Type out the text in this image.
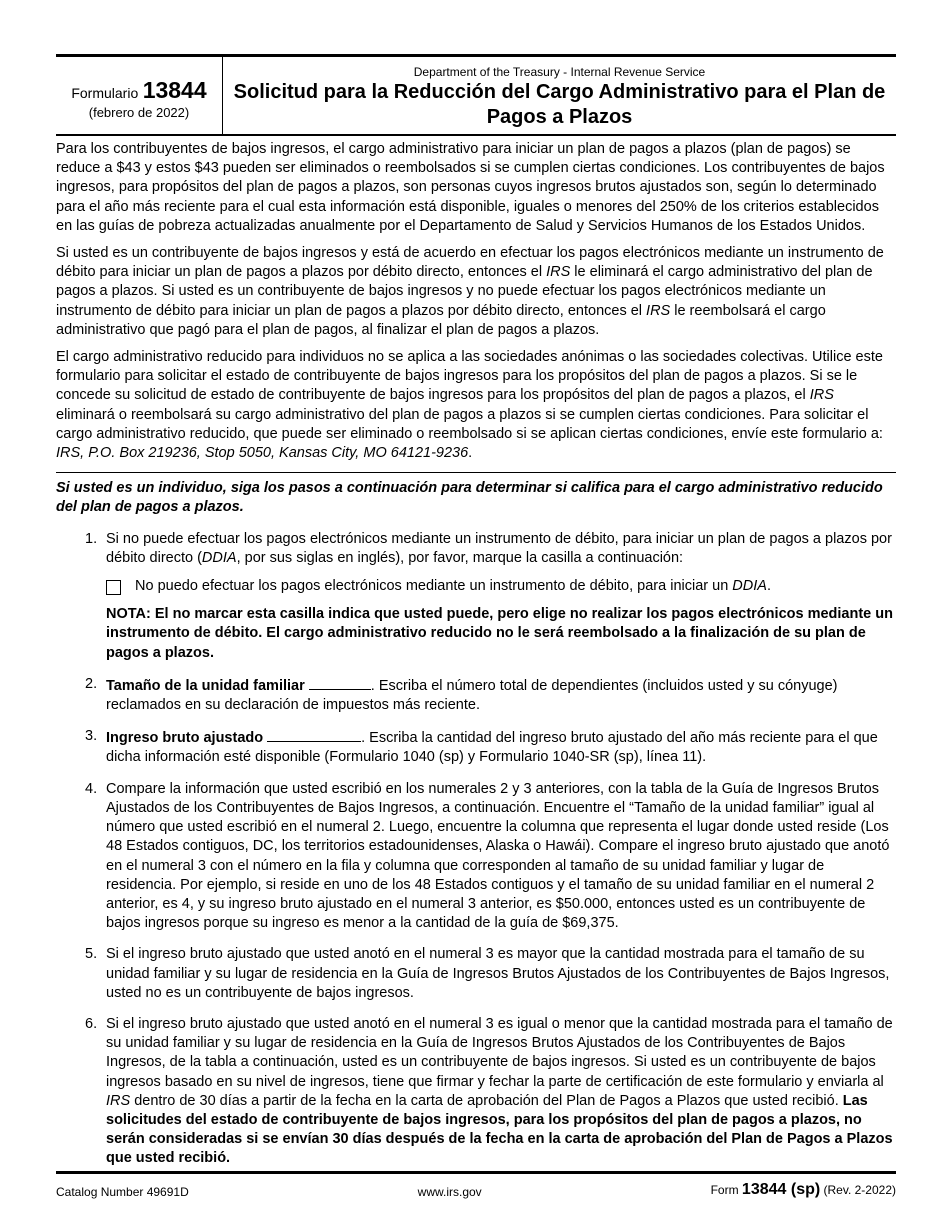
Formulario 13844
(febrero de 2022)
Department of the Treasury - Internal Revenue Service
Solicitud para la Reducción del Cargo Administrativo para el Plan de Pagos a Plazos

Para los contribuyentes de bajos ingresos, el cargo administrativo para iniciar un plan de pagos a plazos (plan de pagos) se reduce a $43 y estos $43 pueden ser eliminados o reembolsados si se cumplen ciertas condiciones. Los contribuyentes de bajos ingresos, para propósitos del plan de pagos a plazos, son personas cuyos ingresos brutos ajustados son, según lo determinado para el año más reciente para el cual esta información está disponible, iguales o menores del 250% de los criterios establecidos en las guías de pobreza actualizadas anualmente por el Departamento de Salud y Servicios Humanos de los Estados Unidos.

Si usted es un contribuyente de bajos ingresos y está de acuerdo en efectuar los pagos electrónicos mediante un instrumento de débito para iniciar un plan de pagos a plazos por débito directo, entonces el IRS le eliminará el cargo administrativo del plan de pagos a plazos. Si usted es un contribuyente de bajos ingresos y no puede efectuar los pagos electrónicos mediante un instrumento de débito para iniciar un plan de pagos a plazos por débito directo, entonces el IRS le reembolsará el cargo administrativo que pagó para el plan de pagos, al finalizar el plan de pagos a plazos.

El cargo administrativo reducido para individuos no se aplica a las sociedades anónimas o las sociedades colectivas. Utilice este formulario para solicitar el estado de contribuyente de bajos ingresos para los propósitos del plan de pagos a plazos. Si se le concede su solicitud de estado de contribuyente de bajos ingresos para los propósitos del plan de pagos a plazos, el IRS eliminará o reembolsará su cargo administrativo del plan de pagos a plazos si se cumplen ciertas condiciones. Para solicitar el cargo administrativo reducido, que puede ser eliminado o reembolsado si se aplican ciertas condiciones, envíe este formulario a: IRS, P.O. Box 219236, Stop 5050, Kansas City, MO 64121-9236.

Si usted es un individuo, siga los pasos a continuación para determinar si califica para el cargo administrativo reducido del plan de pagos a plazos.

1. Si no puede efectuar los pagos electrónicos mediante un instrumento de débito, para iniciar un plan de pagos a plazos por débito directo (DDIA, por sus siglas en inglés), por favor, marque la casilla a continuación:

No puedo efectuar los pagos electrónicos mediante un instrumento de débito, para iniciar un DDIA.

NOTA: El no marcar esta casilla indica que usted puede, pero elige no realizar los pagos electrónicos mediante un instrumento de débito. El cargo administrativo reducido no le será reembolsado a la finalización de su plan de pagos a plazos.

2. Tamaño de la unidad familiar	. Escriba el número total de dependientes (incluidos usted y su cónyuge) reclamados en su declaración de impuestos más reciente.

3. Ingreso bruto ajustado	. Escriba la cantidad del ingreso bruto ajustado del año más reciente para el que dicha información esté disponible (Formulario 1040 (sp) y Formulario 1040-SR (sp), línea 11).

4. Compare la información que usted escribió en los numerales 2 y 3 anteriores, con la tabla de la Guía de Ingresos Brutos Ajustados de los Contribuyentes de Bajos Ingresos, a continuación. Encuentre el “Tamaño de la unidad familiar” igual al número que usted escribió en el numeral 2. Luego, encuentre la columna que representa el lugar donde usted reside (Los 48 Estados contiguos, DC, los territorios estadounidenses, Alaska o Hawái). Compare el ingreso bruto ajustado que anotó en el numeral 3 con el número en la fila y columna que corresponden al tamaño de su unidad familiar y lugar de residencia. Por ejemplo, si reside en uno de los 48 Estados contiguos y el tamaño de su unidad familiar en el numeral 2 anterior, es 4, y su ingreso bruto ajustado en el numeral 3 anterior, es $50.000, entonces usted es un contribuyente de bajos ingresos porque su ingreso es menor a la cantidad de la guía de $69,375.

5. Si el ingreso bruto ajustado que usted anotó en el numeral 3 es mayor que la cantidad mostrada para el tamaño de su unidad familiar y su lugar de residencia en la Guía de Ingresos Brutos Ajustados de los Contribuyentes de Bajos Ingresos, usted no es un contribuyente de bajos ingresos.

6. Si el ingreso bruto ajustado que usted anotó en el numeral 3 es igual o menor que la cantidad mostrada para el tamaño de su unidad familiar y su lugar de residencia en la Guía de Ingresos Brutos Ajustados de los Contribuyentes de Bajos Ingresos, de la tabla a continuación, usted es un contribuyente de bajos ingresos. Si usted es un contribuyente de bajos ingresos basado en su nivel de ingresos, tiene que firmar y fechar la parte de certificación de este formulario y enviarla al IRS dentro de 30 días a partir de la fecha en la carta de aprobación del Plan de Pagos a Plazos que usted recibió. Las solicitudes del estado de contribuyente de bajos ingresos, para los propósitos del plan de pagos a plazos, no serán consideradas si se envían 30 días después de la fecha en la carta de aprobación del Plan de Pagos a Plazos que usted recibió.

Catalog Number 49691D	www.irs.gov	Form 13844 (sp) (Rev. 2-2022)
